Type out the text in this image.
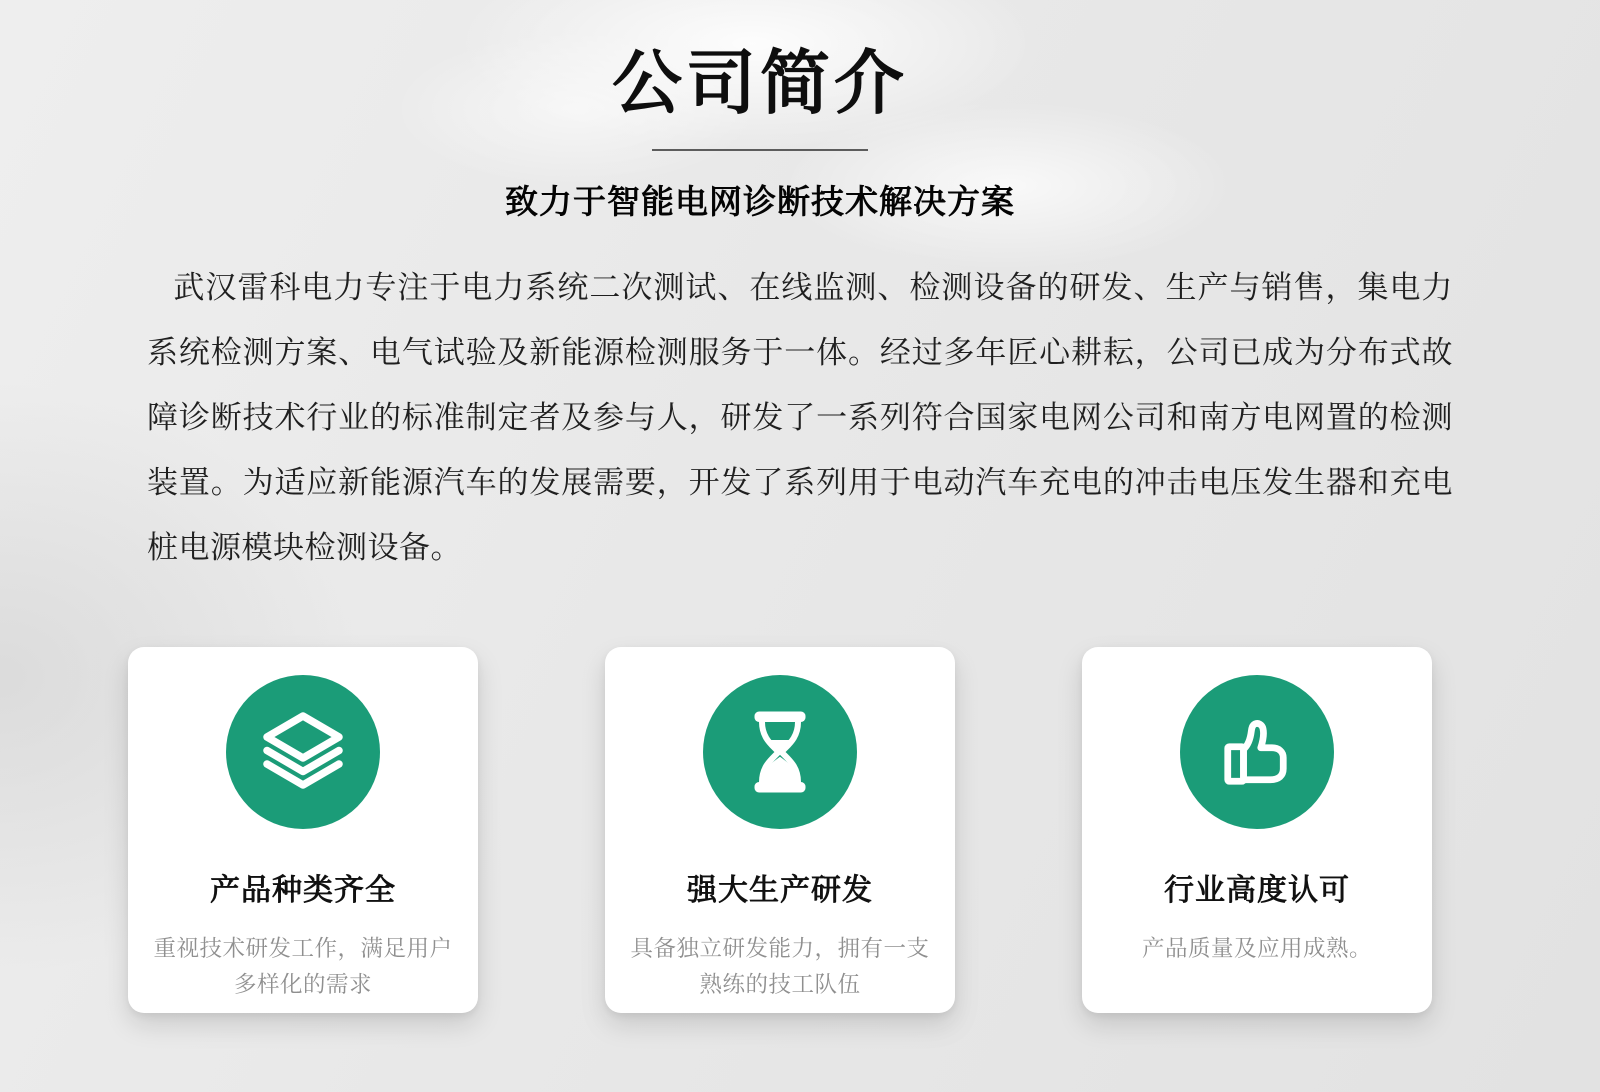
公司简介
致力于智能电网诊断技术解决方案

武汉雷科电力专注于电力系统二次测试、在线监测、检测设备的研发、生产与销售，集电力系统检测方案、电气试验及新能源检测服务于一体。经过多年匠心耕耘，公司已成为分布式故障诊断技术行业的标准制定者及参与人，研发了一系列符合国家电网公司和南方电网置的检测装置。为适应新能源汽车的发展需要，开发了系列用于电动汽车充电的冲击电压发生器和充电桩电源模块检测设备。

产品种类齐全

重视技术研发工作，满足用户多样化的需求

强大生产研发

具备独立研发能力，拥有一支熟练的技工队伍

行业高度认可

产品质量及应用成熟。
